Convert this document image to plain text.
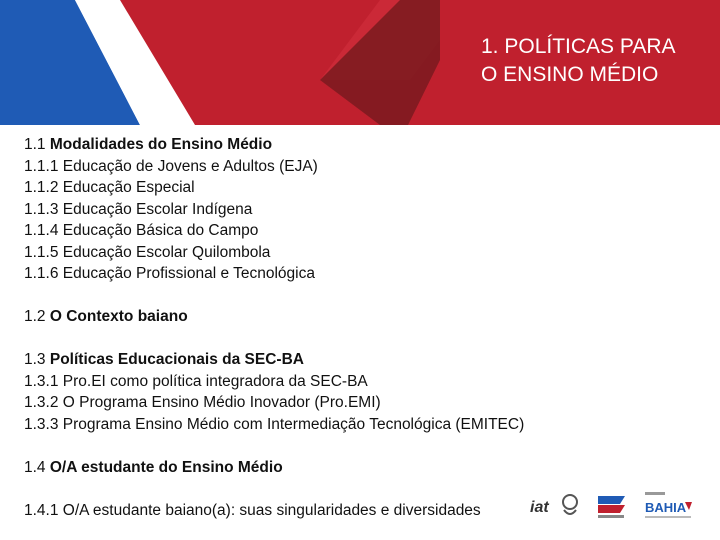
1. POLÍTICAS PARA
O ENSINO MÉDIO
1.1 Modalidades do Ensino Médio
1.1.1 Educação de Jovens e Adultos (EJA)
1.1.2 Educação Especial
1.1.3 Educação Escolar Indígena
1.1.4 Educação Básica do Campo
1.1.5 Educação Escolar Quilombola
1.1.6 Educação Profissional e Tecnológica
1.2 O Contexto baiano
1.3 Políticas Educacionais da SEC-BA
1.3.1 Pro.EI como política integradora da SEC-BA
1.3.2 O Programa Ensino Médio Inovador (Pro.EMI)
1.3.3 Programa Ensino Médio com Intermediação Tecnológica (EMITEC)
1.4 O/A estudante do Ensino Médio
1.4.1 O/A estudante baiano(a): suas singularidades e diversidades	iat	BAHIA
